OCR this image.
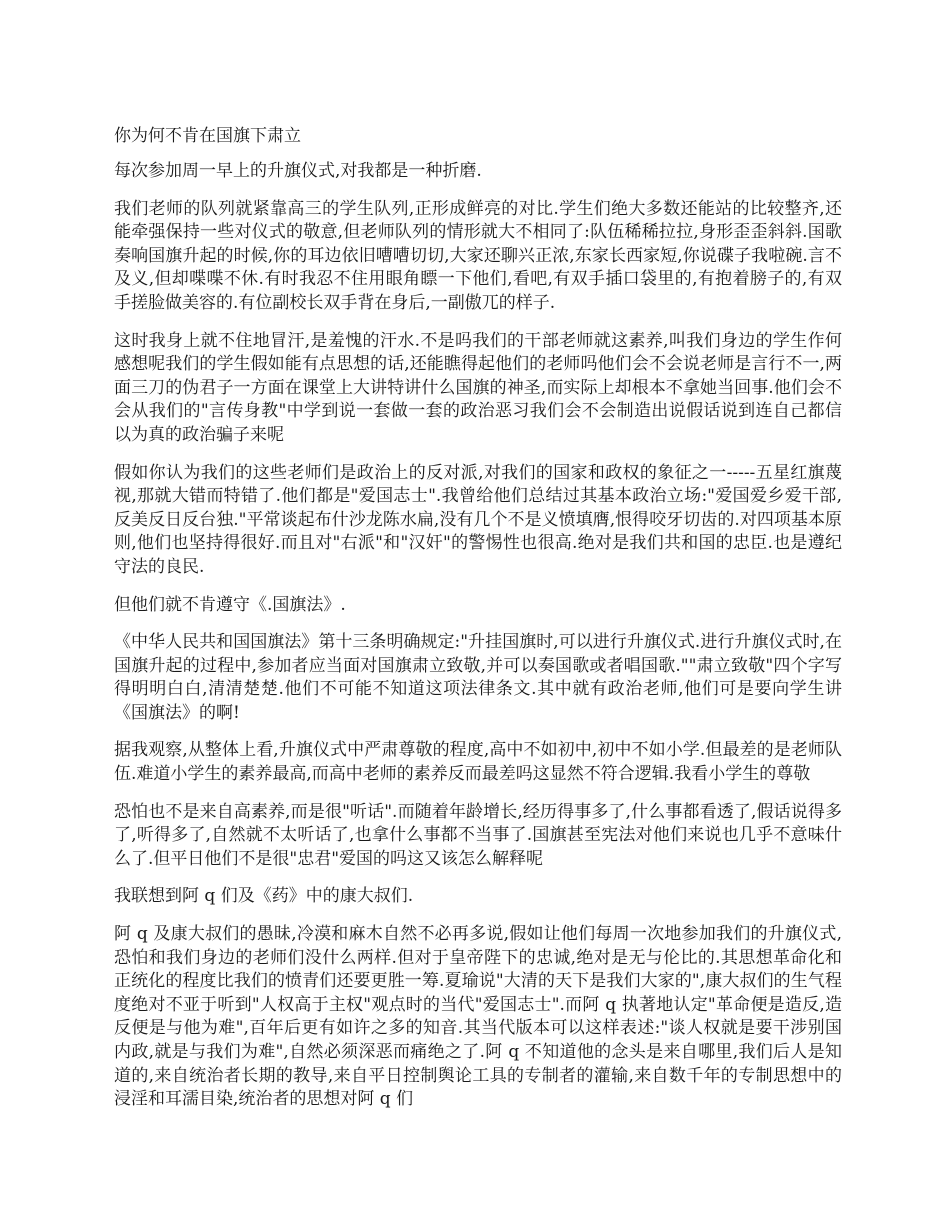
你为何不肯在国旗下肃立

每次参加周一早上的升旗仪式,对我都是一种折磨.

我们老师的队列就紧靠高三的学生队列,正形成鲜亮的对比.学生们绝大多数还能站的比较整齐,还能牵强保持一些对仪式的敬意,但老师队列的情形就大不相同了:队伍稀稀拉拉,身形歪歪斜斜.国歌奏响国旗升起的时候,你的耳边依旧嘈嘈切切,大家还聊兴正浓,东家长西家短,你说碟子我啦碗.言不及义,但却喋喋不休.有时我忍不住用眼角瞟一下他们,看吧,有双手插口袋里的,有抱着膀子的,有双手搓脸做美容的.有位副校长双手背在身后,一副傲兀的样子.

这时我身上就不住地冒汗,是羞愧的汗水.不是吗我们的干部老师就这素养,叫我们身边的学生作何感想呢我们的学生假如能有点思想的话,还能瞧得起他们的老师吗他们会不会说老师是言行不一,两面三刀的伪君子一方面在课堂上大讲特讲什么国旗的神圣,而实际上却根本不拿她当回事.他们会不会从我们的"言传身教"中学到说一套做一套的政治恶习我们会不会制造出说假话说到连自己都信以为真的政治骗子来呢

假如你认为我们的这些老师们是政治上的反对派,对我们的国家和政权的象征之一-----五星红旗蔑视,那就大错而特错了.他们都是"爱国志士".我曾给他们总结过其基本政治立场:"爱国爱乡爱干部,反美反日反台独."平常谈起布什沙龙陈水扁,没有几个不是义愤填膺,恨得咬牙切齿的.对四项基本原则,他们也坚持得很好.而且对"右派"和"汉奸"的警惕性也很高.绝对是我们共和国的忠臣.也是遵纪守法的良民.

但他们就不肯遵守《.国旗法》.

《中华人民共和国国旗法》第十三条明确规定:"升挂国旗时,可以进行升旗仪式.进行升旗仪式时,在国旗升起的过程中,参加者应当面对国旗肃立致敬,并可以奏国歌或者唱国歌.""肃立致敬"四个字写得明明白白,清清楚楚.他们不可能不知道这项法律条文.其中就有政治老师,他们可是要向学生讲《国旗法》的啊!

据我观察,从整体上看,升旗仪式中严肃尊敬的程度,高中不如初中,初中不如小学.但最差的是老师队伍.难道小学生的素养最高,而高中老师的素养反而最差吗这显然不符合逻辑.我看小学生的尊敬

恐怕也不是来自高素养,而是很"听话".而随着年龄增长,经历得事多了,什么事都看透了,假话说得多了,听得多了,自然就不太听话了,也拿什么事都不当事了.国旗甚至宪法对他们来说也几乎不意味什么了.但平日他们不是很"忠君"爱国的吗这又该怎么解释呢

我联想到阿 q 们及《药》中的康大叔们.

阿 q 及康大叔们的愚昧,冷漠和麻木自然不必再多说,假如让他们每周一次地参加我们的升旗仪式,恐怕和我们身边的老师们没什么两样.但对于皇帝陛下的忠诚,绝对是无与伦比的.其思想革命化和正统化的程度比我们的愤青们还要更胜一筹.夏瑜说"大清的天下是我们大家的",康大叔们的生气程度绝对不亚于听到"人权高于主权"观点时的当代"爱国志士".而阿 q 执著地认定"革命便是造反,造反便是与他为难",百年后更有如许之多的知音.其当代版本可以这样表述:"谈人权就是要干涉别国内政,就是与我们为难",自然必须深恶而痛绝之了.阿 q 不知道他的念头是来自哪里,我们后人是知道的,来自统治者长期的教导,来自平日控制舆论工具的专制者的灌输,来自数千年的专制思想中的浸淫和耳濡目染,统治者的思想对阿 q 们
